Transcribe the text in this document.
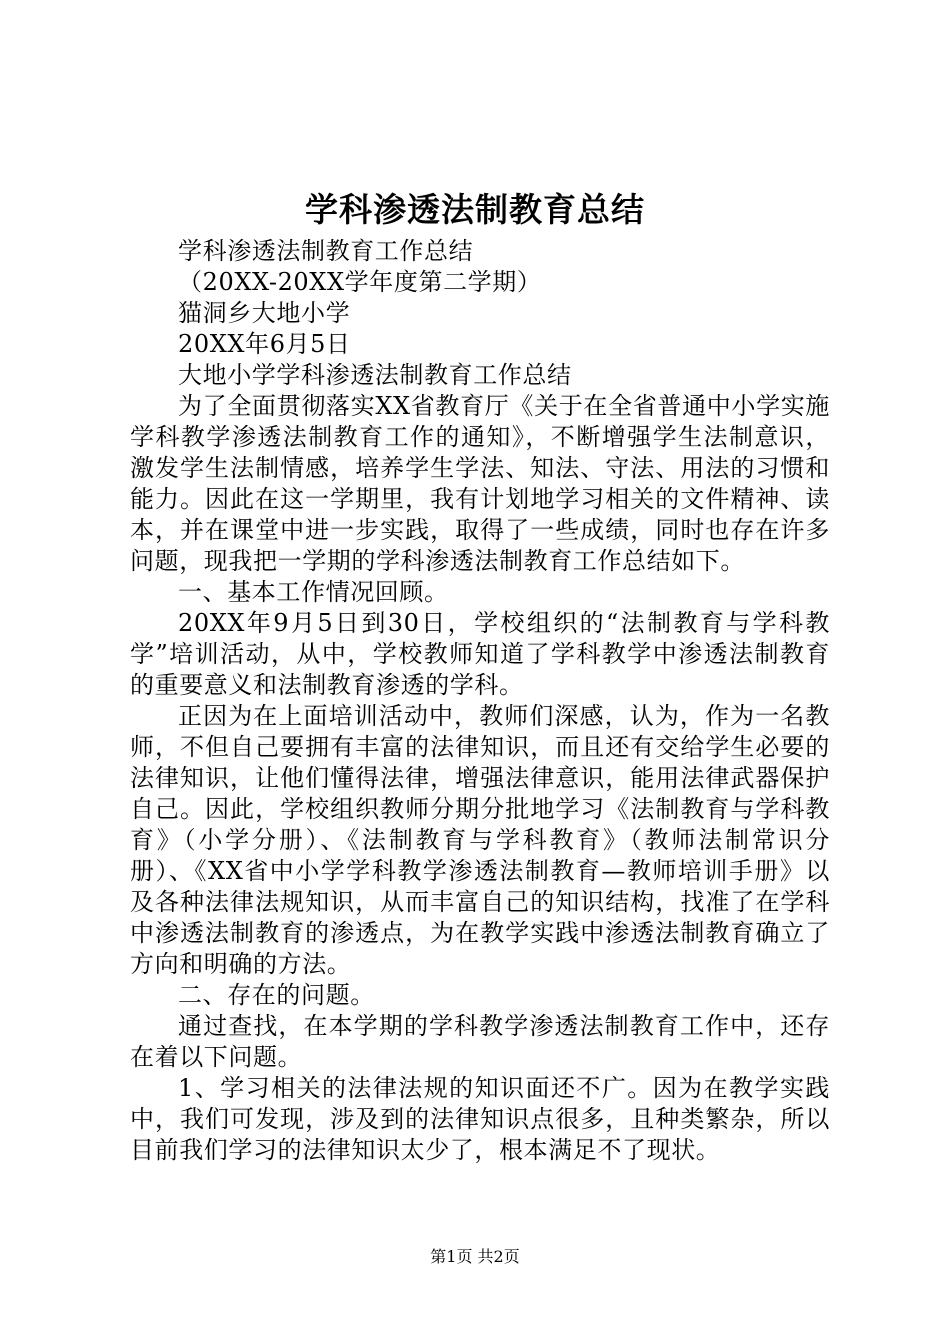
学科渗透法制教育总结

学科渗透法制教育工作总结

（20XX-20XX学年度第二学期）

猫洞乡大地小学

20XX年6月5日

大地小学学科渗透法制教育工作总结

为了全面贯彻落实XX省教育厅《关于在全省普通中小学实施学科教学渗透法制教育工作的通知》，不断增强学生法制意识，激发学生法制情感，培养学生学法、知法、守法、用法的习惯和能力。因此在这一学期里，我有计划地学习相关的文件精神、读本，并在课堂中进一步实践，取得了一些成绩，同时也存在许多问题，现我把一学期的学科渗透法制教育工作总结如下。

一、基本工作情况回顾。

20XX年9月5日到30日，学校组织的“法制教育与学科教学”培训活动，从中，学校教师知道了学科教学中渗透法制教育的重要意义和法制教育渗透的学科。

正因为在上面培训活动中，教师们深感，认为，作为一名教师，不但自己要拥有丰富的法律知识，而且还有交给学生必要的法律知识，让他们懂得法律，增强法律意识，能用法律武器保护自己。因此，学校组织教师分期分批地学习《法制教育与学科教育》（小学分册）、《法制教育与学科教育》（教师法制常识分册）、《XX省中小学学科教学渗透法制教育—教师培训手册》以及各种法律法规知识，从而丰富自己的知识结构，找准了在学科中渗透法制教育的渗透点，为在教学实践中渗透法制教育确立了方向和明确的方法。

二、存在的问题。

通过查找，在本学期的学科教学渗透法制教育工作中，还存在着以下问题。

1、学习相关的法律法规的知识面还不广。因为在教学实践中，我们可发现，涉及到的法律知识点很多，且种类繁杂，所以目前我们学习的法律知识太少了，根本满足不了现状。

第1页 共2页
